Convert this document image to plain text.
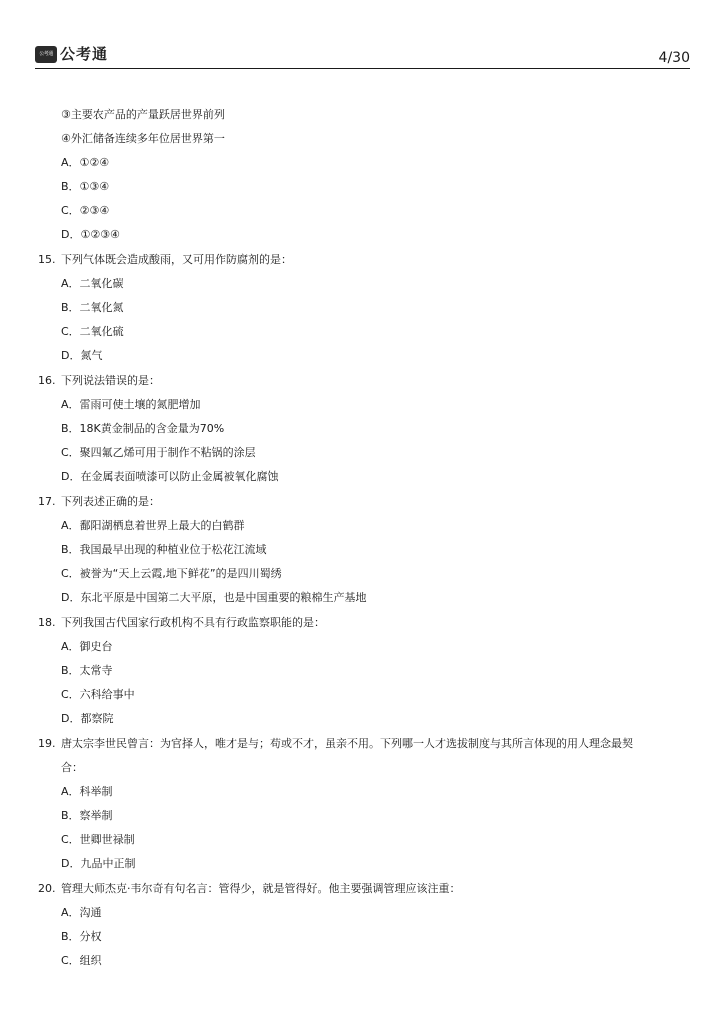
公考通 公考通	4/30
③主要农产品的产量跃居世界前列
④外汇储备连续多年位居世界第一
A．①②④
B．①③④
C．②③④
D．①②③④
15. 下列气体既会造成酸雨，又可用作防腐剂的是：
A．二氧化碳
B．二氧化氮
C．二氧化硫
D．氮气
16. 下列说法错误的是：
A．雷雨可使土壤的氮肥增加
B．18K黄金制品的含金量为70%
C．聚四氟乙烯可用于制作不粘锅的涂层
D．在金属表面喷漆可以防止金属被氧化腐蚀
17. 下列表述正确的是：
A．鄱阳湖栖息着世界上最大的白鹤群
B．我国最早出现的种植业位于松花江流域
C．被誉为“天上云霞,地下鲜花”的是四川蜀绣
D．东北平原是中国第二大平原，也是中国重要的粮棉生产基地
18. 下列我国古代国家行政机构不具有行政监察职能的是：
A．御史台
B．太常寺
C．六科给事中
D．都察院
19. 唐太宗李世民曾言：为官择人，唯才是与；苟或不才，虽亲不用。下列哪一人才选拔制度与其所言体现的用人理念最契
合：
A．科举制
B．察举制
C．世卿世禄制
D．九品中正制
20. 管理大师杰克·韦尔奇有句名言：管得少，就是管得好。他主要强调管理应该注重：
A．沟通
B．分权
C．组织
